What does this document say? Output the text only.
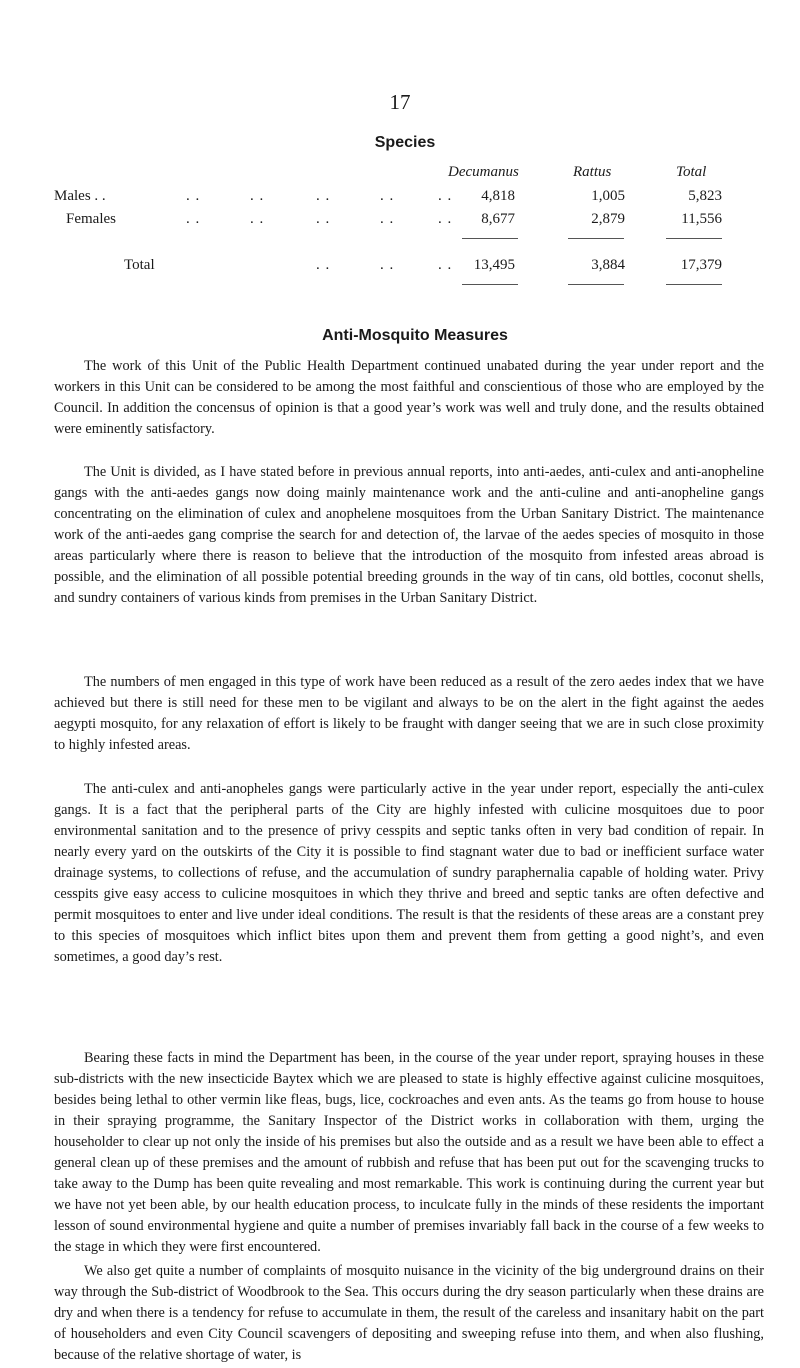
17
Species
Decumanus	Rattus	Total
Males . .	. .	. .	. .	. .	. .	4,818	1,005	5,823
Females	. .	. .	. .	. .	. .	8,677	2,879	11,556
Total	. .	. .	. .	13,495	3,884	17,379
Anti-Mosquito Measures

The work of this Unit of the Public Health Department continued unabated during the year under report and the workers in this Unit can be considered to be among the most faithful and conscientious of those who are employed by the Council. In addition the concensus of opinion is that a good year’s work was well and truly done, and the results obtained were eminently satisfactory.

The Unit is divided, as I have stated before in previous annual reports, into anti-aedes, anti-culex and anti-anopheline gangs with the anti-aedes gangs now doing mainly maintenance work and the anti-culine and anti-anopheline gangs concentrating on the elimination of culex and anophelene mosquitoes from the Urban Sanitary District. The maintenance work of the anti-aedes gang comprise the search for and detection of, the larvae of the aedes species of mosquito in those areas particularly where there is reason to believe that the introduction of the mosquito from infested areas abroad is possible, and the elimination of all possible potential breeding grounds in the way of tin cans, old bottles, coconut shells, and sundry containers of various kinds from premises in the Urban Sanitary District.

The numbers of men engaged in this type of work have been reduced as a result of the zero aedes index that we have achieved but there is still need for these men to be vigilant and always to be on the alert in the fight against the aedes aegypti mosquito, for any relaxation of effort is likely to be fraught with danger seeing that we are in such close proximity to highly infested areas.

The anti-culex and anti-anopheles gangs were particularly active in the year under report, especially the anti-culex gangs. It is a fact that the peripheral parts of the City are highly infested with culicine mosquitoes due to poor environmental sanitation and to the presence of privy cesspits and septic tanks often in very bad condition of repair. In nearly every yard on the outskirts of the City it is possible to find stagnant water due to bad or inefficient surface water drainage systems, to collections of refuse, and the accumulation of sundry paraphernalia capable of holding water. Privy cesspits give easy access to culicine mosquitoes in which they thrive and breed and septic tanks are often defective and permit mosquitoes to enter and live under ideal conditions. The result is that the residents of these areas are a constant prey to this species of mosquitoes which inflict bites upon them and prevent them from getting a good night’s, and even sometimes, a good day’s rest.

Bearing these facts in mind the Department has been, in the course of the year under report, spraying houses in these sub-districts with the new insecticide Baytex which we are pleased to state is highly effective against culicine mosquitoes, besides being lethal to other vermin like fleas, bugs, lice, cockroaches and even ants. As the teams go from house to house in their spraying programme, the Sanitary Inspector of the District works in collaboration with them, urging the householder to clear up not only the inside of his premises but also the outside and as a result we have been able to effect a general clean up of these premises and the amount of rubbish and refuse that has been put out for the scavenging trucks to take away to the Dump has been quite revealing and most remarkable. This work is continuing during the current year but we have not yet been able, by our health education process, to inculcate fully in the minds of these residents the important lesson of sound environmental hygiene and quite a number of premises invariably fall back in the course of a few weeks to the stage in which they were first encountered.

We also get quite a number of complaints of mosquito nuisance in the vicinity of the big underground drains on their way through the Sub-district of Woodbrook to the Sea. This occurs during the dry season particularly when these drains are dry and when there is a tendency for refuse to accumulate in them, the result of the careless and insanitary habit on the part of householders and even City Council scavengers of depositing and sweeping refuse into them, and when also flushing, because of the relative shortage of water, is
